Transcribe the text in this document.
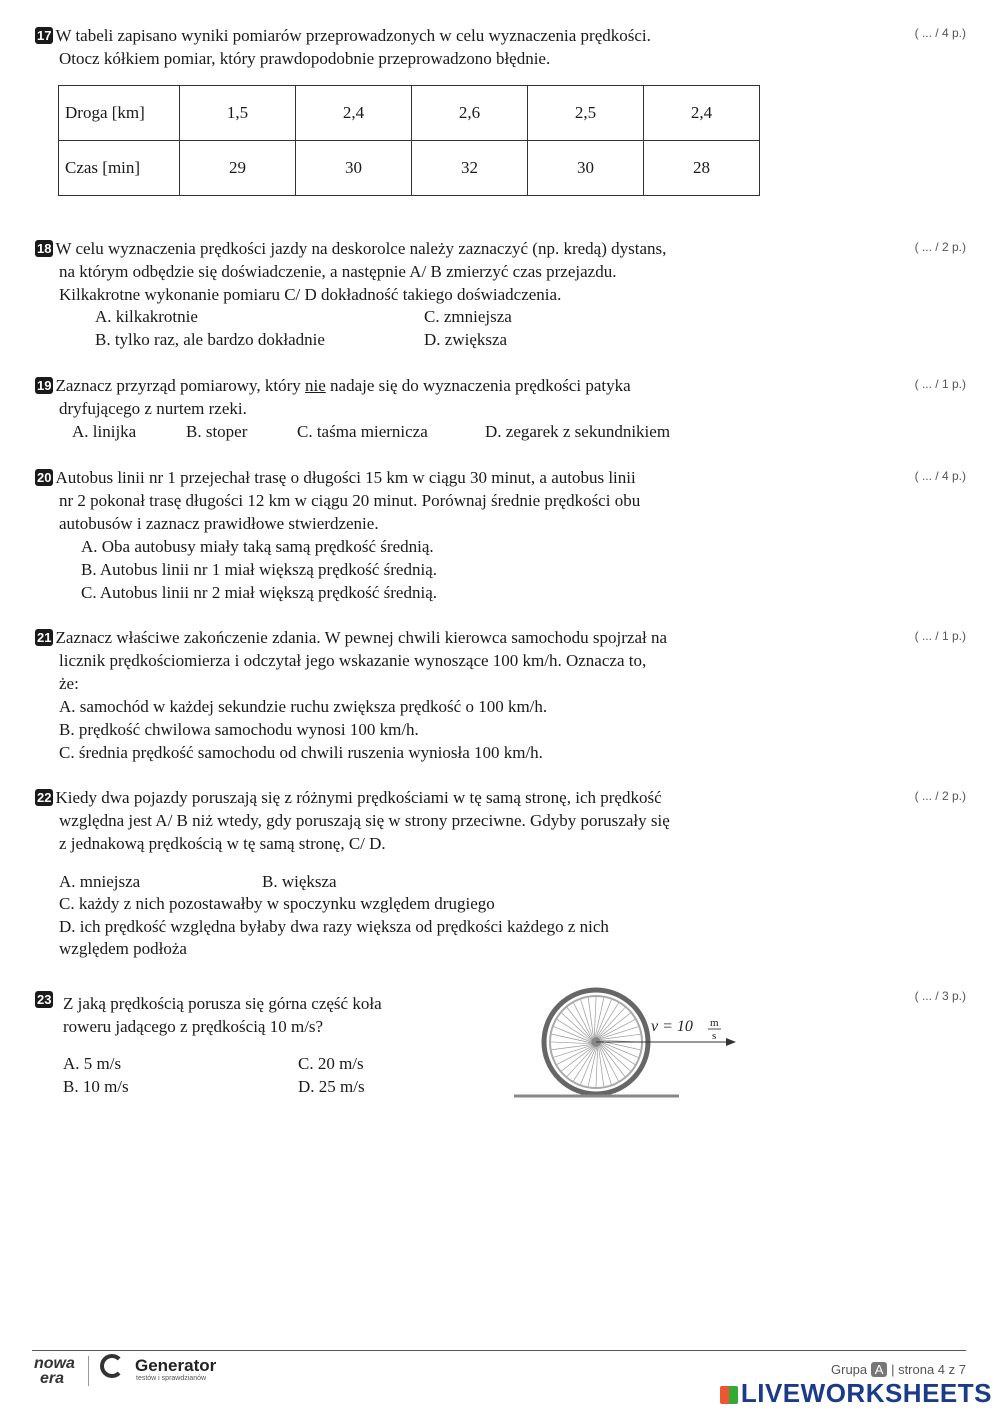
17 W tabeli zapisano wyniki pomiarów przeprowadzonych w celu wyznaczenia prędkości.
Otocz kółkiem pomiar, który prawdopodobnie przeprowadzono błędnie.
( ... / 4 p.)
Droga [km]	1,5	2,4	2,6	2,5	2,4
Czas [min]	29	30	32	30	28
18 W celu wyznaczenia prędkości jazdy na deskorolce należy zaznaczyć (np. kredą) dystans,
na którym odbędzie się doświadczenie, a następnie A/ B zmierzyć czas przejazdu.
Kilkakrotne wykonanie pomiaru C/ D dokładność takiego doświadczenia.
( ... / 2 p.)
A. kilkakrotnie
B. tylko raz, ale bardzo dokładnie
C. zmniejsza
D. zwiększa
19 Zaznacz przyrząd pomiarowy, który nie nadaje się do wyznaczenia prędkości patyka
dryfującego z nurtem rzeki.
( ... / 1 p.)
A. linijka	B. stoper	C. taśma miernicza	D. zegarek z sekundnikiem
20 Autobus linii nr 1 przejechał trasę o długości 15 km w ciągu 30 minut, a autobus linii
nr 2 pokonał trasę długości 12 km w ciągu 20 minut. Porównaj średnie prędkości obu
autobusów i zaznacz prawidłowe stwierdzenie.
A. Oba autobusy miały taką samą prędkość średnią.
B. Autobus linii nr 1 miał większą prędkość średnią.
C. Autobus linii nr 2 miał większą prędkość średnią.
( ... / 4 p.)
21 Zaznacz właściwe zakończenie zdania. W pewnej chwili kierowca samochodu spojrzał na
licznik prędkościomierza i odczytał jego wskazanie wynoszące 100 km/h. Oznacza to,
że:
A. samochód w każdej sekundzie ruchu zwiększa prędkość o 100 km/h.
B. prędkość chwilowa samochodu wynosi 100 km/h.
C. średnia prędkość samochodu od chwili ruszenia wyniosła 100 km/h.
( ... / 1 p.)
22 Kiedy dwa pojazdy poruszają się z różnymi prędkościami w tę samą stronę, ich prędkość
względna jest A/ B niż wtedy, gdy poruszają się w strony przeciwne. Gdyby poruszały się
z jednakową prędkością w tę samą stronę, C/ D.
( ... / 2 p.)
A. mniejsza	B. większa
C. każdy z nich pozostawałby w spoczynku względem drugiego
D. ich prędkość względna byłaby dwa razy większa od prędkości każdego z nich
względem podłoża
23 Z jaką prędkością porusza się górna część koła
roweru jadącego z prędkością 10 m/s?
( ... / 3 p.)
A. 5 m/s
B. 10 m/s
C. 20 m/s
D. 25 m/s
v = 10 m
s
nowa
era
Generator
testów i sprawdzianów
Grupa A | strona 4 z 7
LIVEWORKSHEETS
